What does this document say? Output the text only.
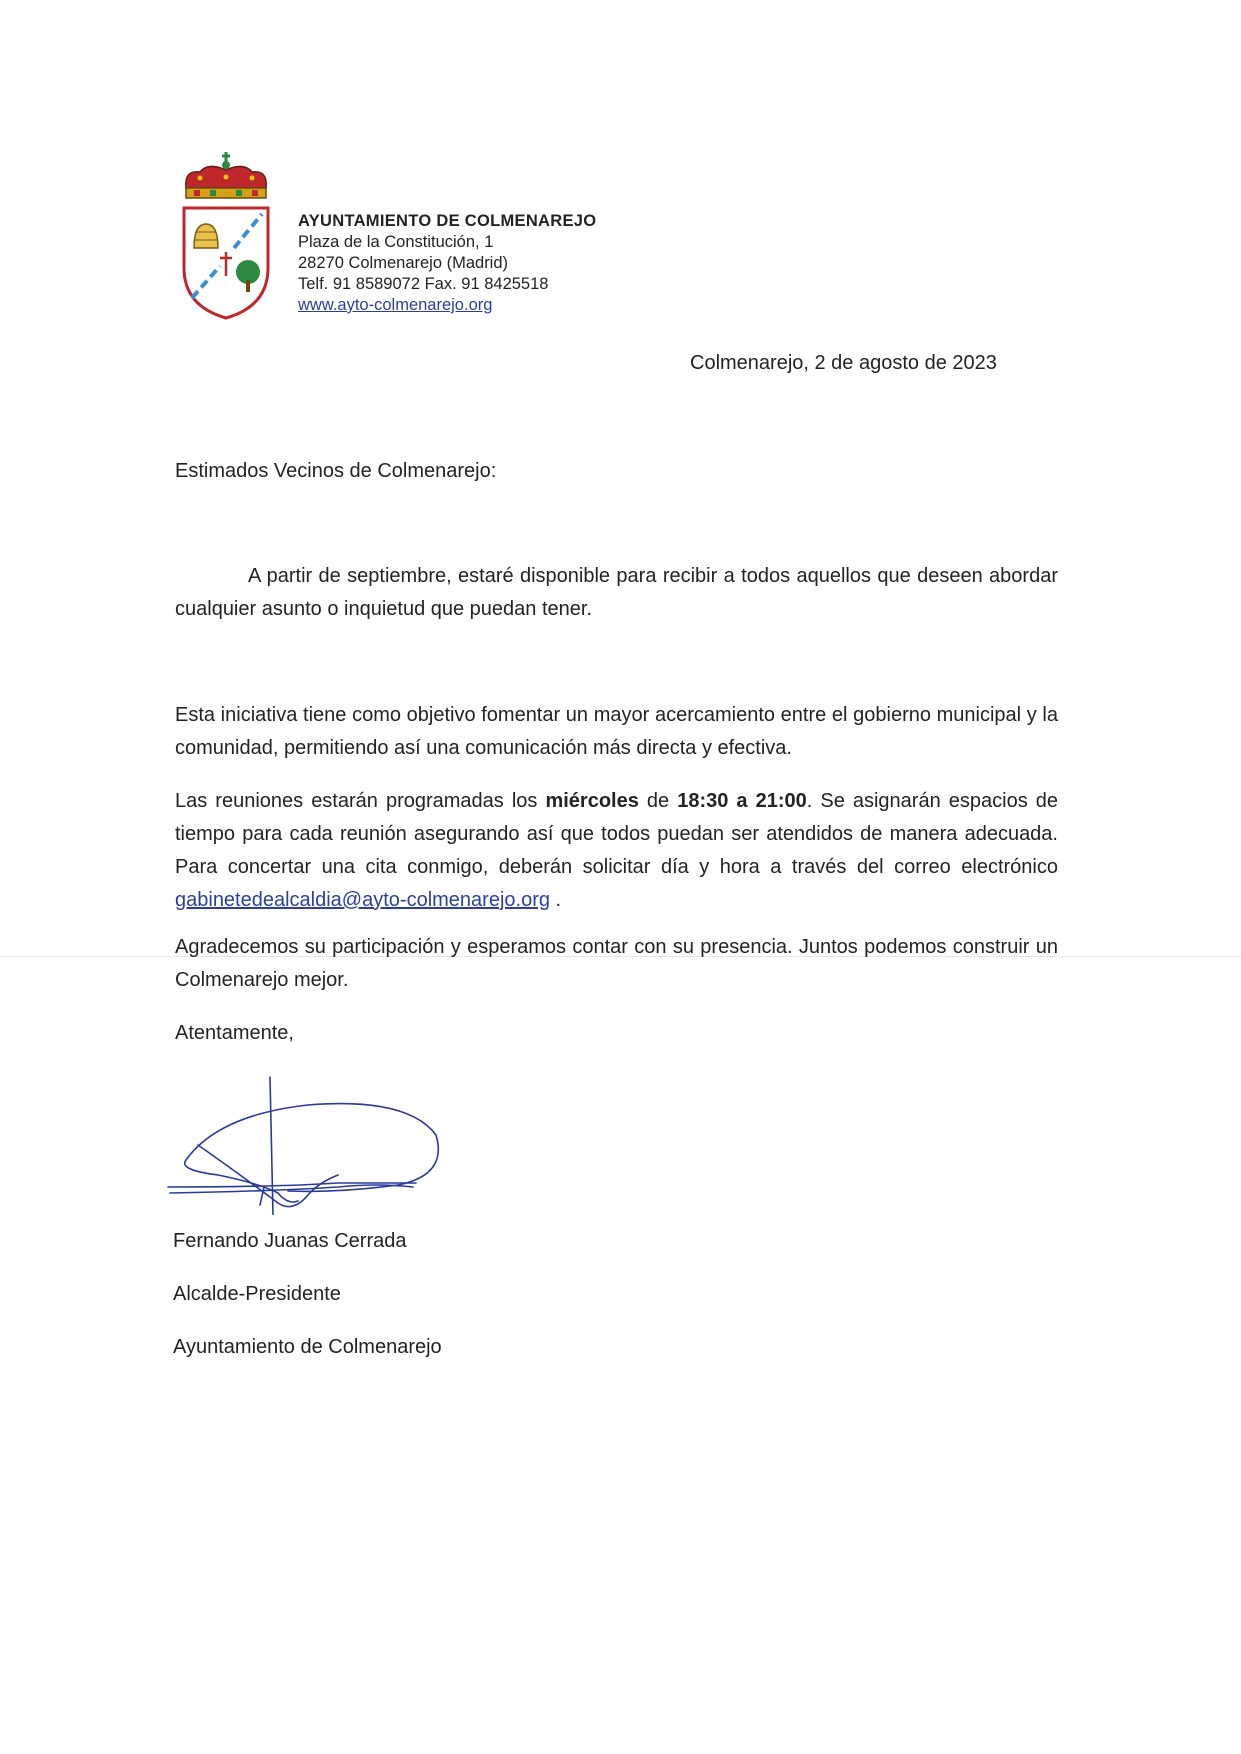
AYUNTAMIENTO DE COLMENAREJO
Plaza de la Constitución, 1
28270 Colmenarejo (Madrid)
Telf. 91 8589072 Fax. 91 8425518
www.ayto-colmenarejo.org
Colmenarejo, 2 de agosto de 2023
Estimados Vecinos de Colmenarejo:
A partir de septiembre, estaré disponible para recibir a todos aquellos que deseen abordar cualquier asunto o inquietud que puedan tener.
Esta iniciativa tiene como objetivo fomentar un mayor acercamiento entre el gobierno municipal y la comunidad, permitiendo así una comunicación más directa y efectiva.
Las reuniones estarán programadas los miércoles de 18:30 a 21:00. Se asignarán espacios de tiempo para cada reunión asegurando así que todos puedan ser atendidos de manera adecuada. Para concertar una cita conmigo, deberán solicitar día y hora a través del correo electrónico gabinetedealcaldia@ayto-colmenarejo.org .
Agradecemos su participación y esperamos contar con su presencia. Juntos podemos construir un Colmenarejo mejor.
Atentamente,
Fernando Juanas Cerrada
Alcalde-Presidente
Ayuntamiento de Colmenarejo
